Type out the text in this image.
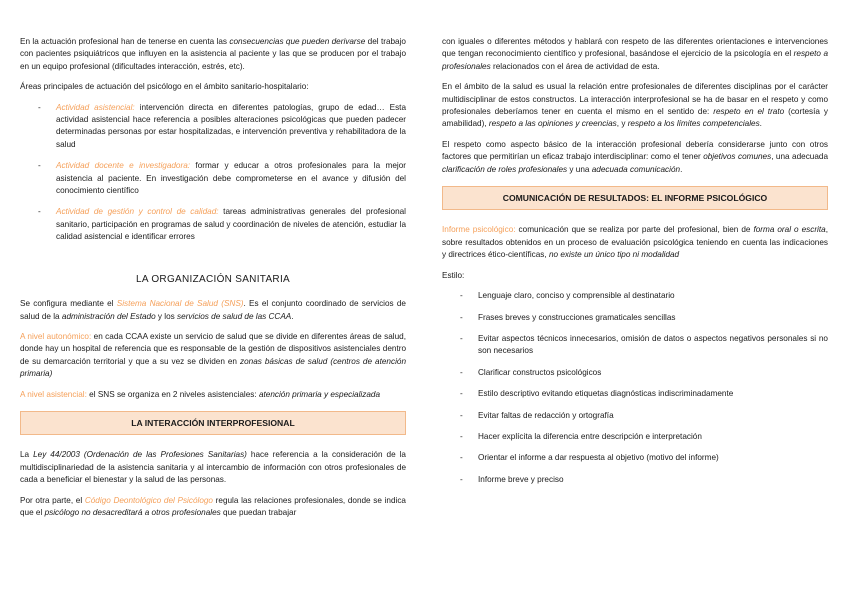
En la actuación profesional han de tenerse en cuenta las consecuencias que pueden derivarse del trabajo con pacientes psiquiátricos que influyen en la asistencia al paciente y las que se producen por el trabajo en un equipo profesional (dificultades interacción, estrés, etc).

Áreas principales de actuación del psicólogo en el ámbito sanitario-hospitalario:

- Actividad asistencial: intervención directa en diferentes patologías, grupo de edad… Esta actividad asistencial hace referencia a posibles alteraciones psicológicas que pueden padecer determinadas personas por estar hospitalizadas, e intervención preventiva y rehabilitadora de la salud
- Actividad docente e investigadora: formar y educar a otros profesionales para la mejor asistencia al paciente. En investigación debe comprometerse en el avance y difusión del conocimiento científico
- Actividad de gestión y control de calidad: tareas administrativas generales del profesional sanitario, participación en programas de salud y coordinación de niveles de atención, estudiar la calidad asistencial e identificar errores
LA ORGANIZACIÓN SANITARIA

Se configura mediante el Sistema Nacional de Salud (SNS). Es el conjunto coordinado de servicios de salud de la administración del Estado y los servicios de salud de las CCAA.

A nivel autonómico: en cada CCAA existe un servicio de salud que se divide en diferentes áreas de salud, donde hay un hospital de referencia que es responsable de la gestión de dispositivos asistenciales dentro de su demarcación territorial y que a su vez se dividen en zonas básicas de salud (centros de atención primaria)

A nivel asistencial: el SNS se organiza en 2 niveles asistenciales: atención primaria y especializada

LA INTERACCIÓN INTERPROFESIONAL

La Ley 44/2003 (Ordenación de las Profesiones Sanitarias) hace referencia a la consideración de la multidisciplinariedad de la asistencia sanitaria y al intercambio de información con otros profesionales de cada a beneficiar el bienestar y la salud de las personas.

Por otra parte, el Código Deontológico del Psicólogo regula las relaciones profesionales, donde se indica que el psicólogo no desacreditará a otros profesionales que puedan trabajar

con iguales o diferentes métodos y hablará con respeto de las diferentes orientaciones e intervenciones que tengan reconocimiento científico y profesional, basándose el ejercicio de la psicología en el respeto a profesionales relacionados con el área de actividad de esta.

En el ámbito de la salud es usual la relación entre profesionales de diferentes disciplinas por el carácter multidisciplinar de estos constructos. La interacción interprofesional se ha de basar en el respeto y como profesionales deberíamos tener en cuenta el mismo en el sentido de: respeto en el trato (cortesía y amabilidad), respeto a las opiniones y creencias, y respeto a los límites competenciales.

El respeto como aspecto básico de la interacción profesional debería considerarse junto con otros factores que permitirían un eficaz trabajo interdisciplinar: como el tener objetivos comunes, una adecuada clarificación de roles profesionales y una adecuada comunicación.

COMUNICACIÓN DE RESULTADOS: EL INFORME PSICOLÓGICO

Informe psicológico: comunicación que se realiza por parte del profesional, bien de forma oral o escrita, sobre resultados obtenidos en un proceso de evaluación psicológica teniendo en cuenta las indicaciones y directrices ético-científicas, no existe un único tipo ni modalidad

Estilo:

- Lenguaje claro, conciso y comprensible al destinatario
- Frases breves y construcciones gramaticales sencillas
- Evitar aspectos técnicos innecesarios, omisión de datos o aspectos negativos personales si no son necesarios
- Clarificar constructos psicológicos
- Estilo descriptivo evitando etiquetas diagnósticas indiscriminadamente
- Evitar faltas de redacción y ortografía
- Hacer explícita la diferencia entre descripción e interpretación
- Orientar el informe a dar respuesta al objetivo (motivo del informe)
- Informe breve y preciso
